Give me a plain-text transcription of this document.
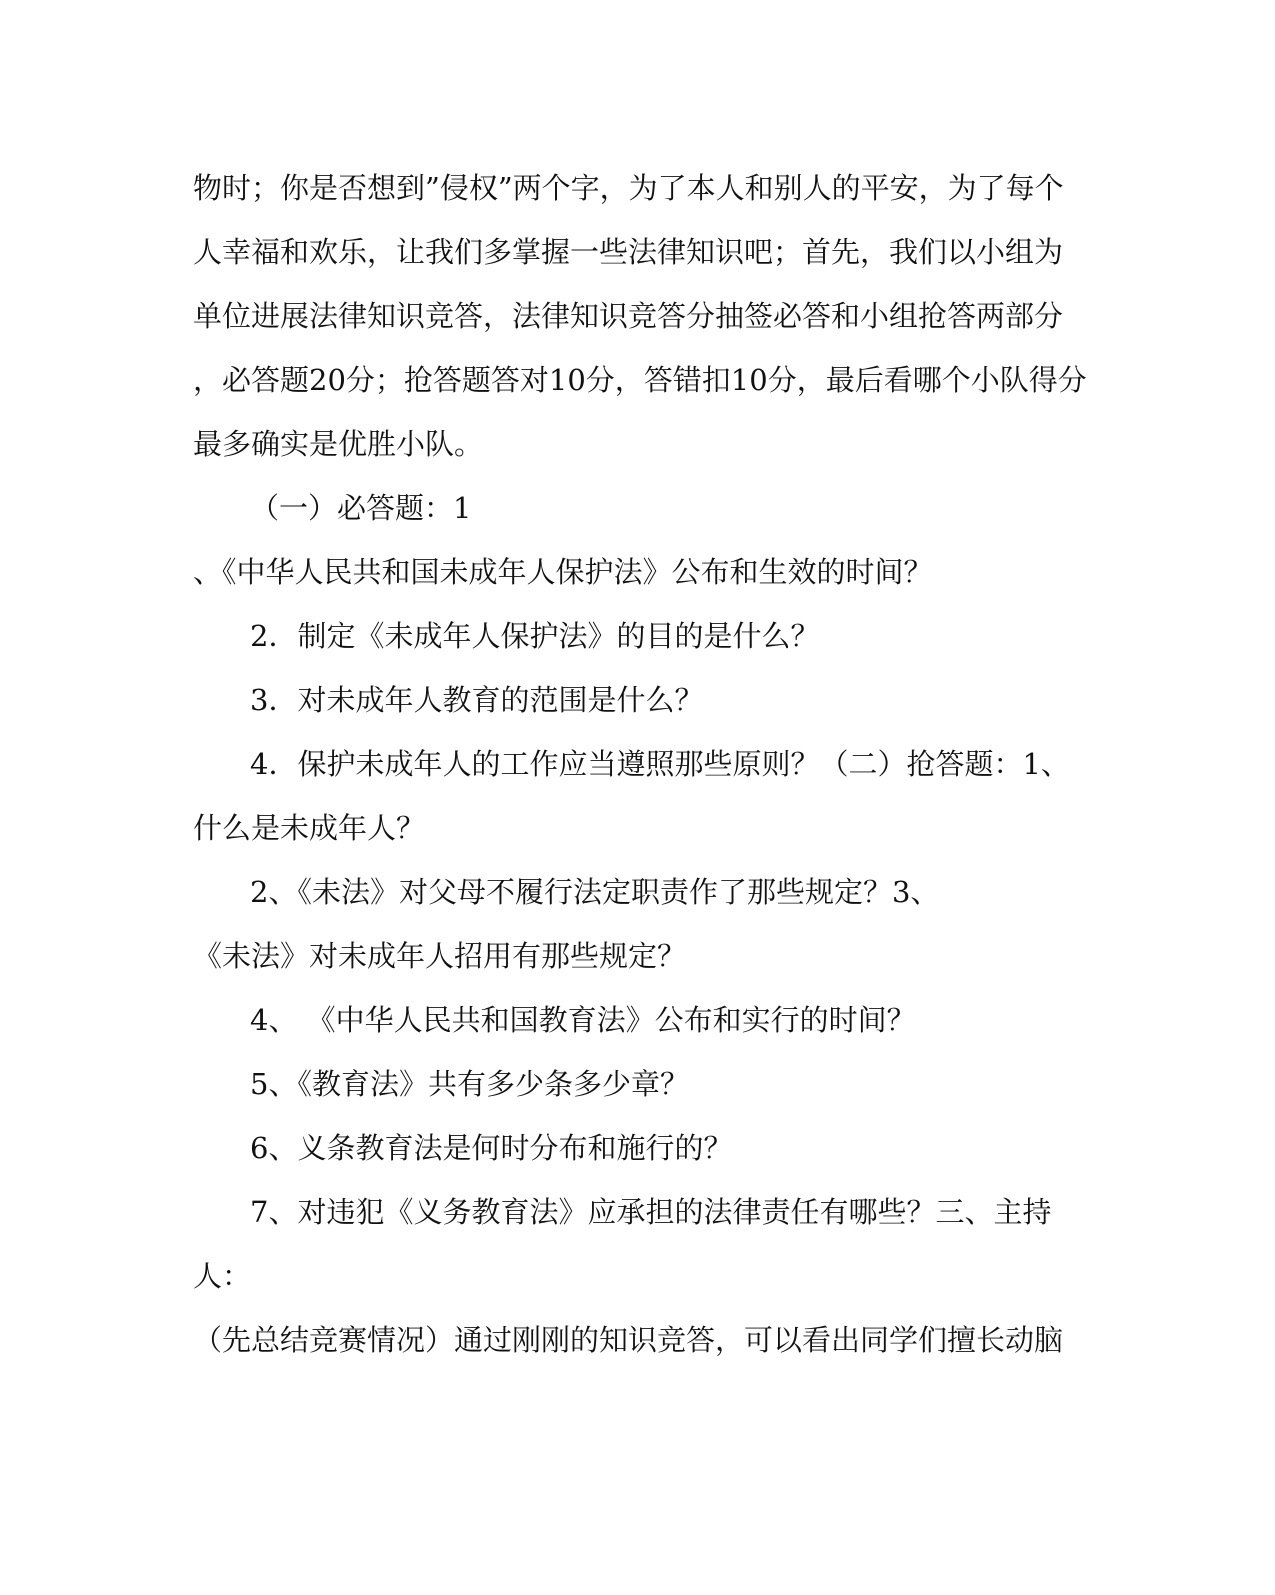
物时；你是否想到”侵权”两个字，为了本人和别人的平安，为了每个
人幸福和欢乐，让我们多掌握一些法律知识吧；首先，我们以小组为
单位进展法律知识竞答，法律知识竞答分抽签必答和小组抢答两部分
，必答题20分；抢答题答对10分，答错扣10分，最后看哪个小队得分
最多确实是优胜小队。
（一）必答题：1
、《中华人民共和国未成年人保护法》公布和生效的时间？
2．制定《未成年人保护法》的目的是什么？
3．对未成年人教育的范围是什么？
4．保护未成年人的工作应当遵照那些原则？（二）抢答题：1、
什么是未成年人？
2、《未法》对父母不履行法定职责作了那些规定？3、
《未法》对未成年人招用有那些规定？
4、 《中华人民共和国教育法》公布和实行的时间？
5、《教育法》共有多少条多少章？
6、义条教育法是何时分布和施行的？
7、对违犯《义务教育法》应承担的法律责任有哪些？三、主持
人：
（先总结竞赛情况）通过刚刚的知识竞答，可以看出同学们擅长动脑
